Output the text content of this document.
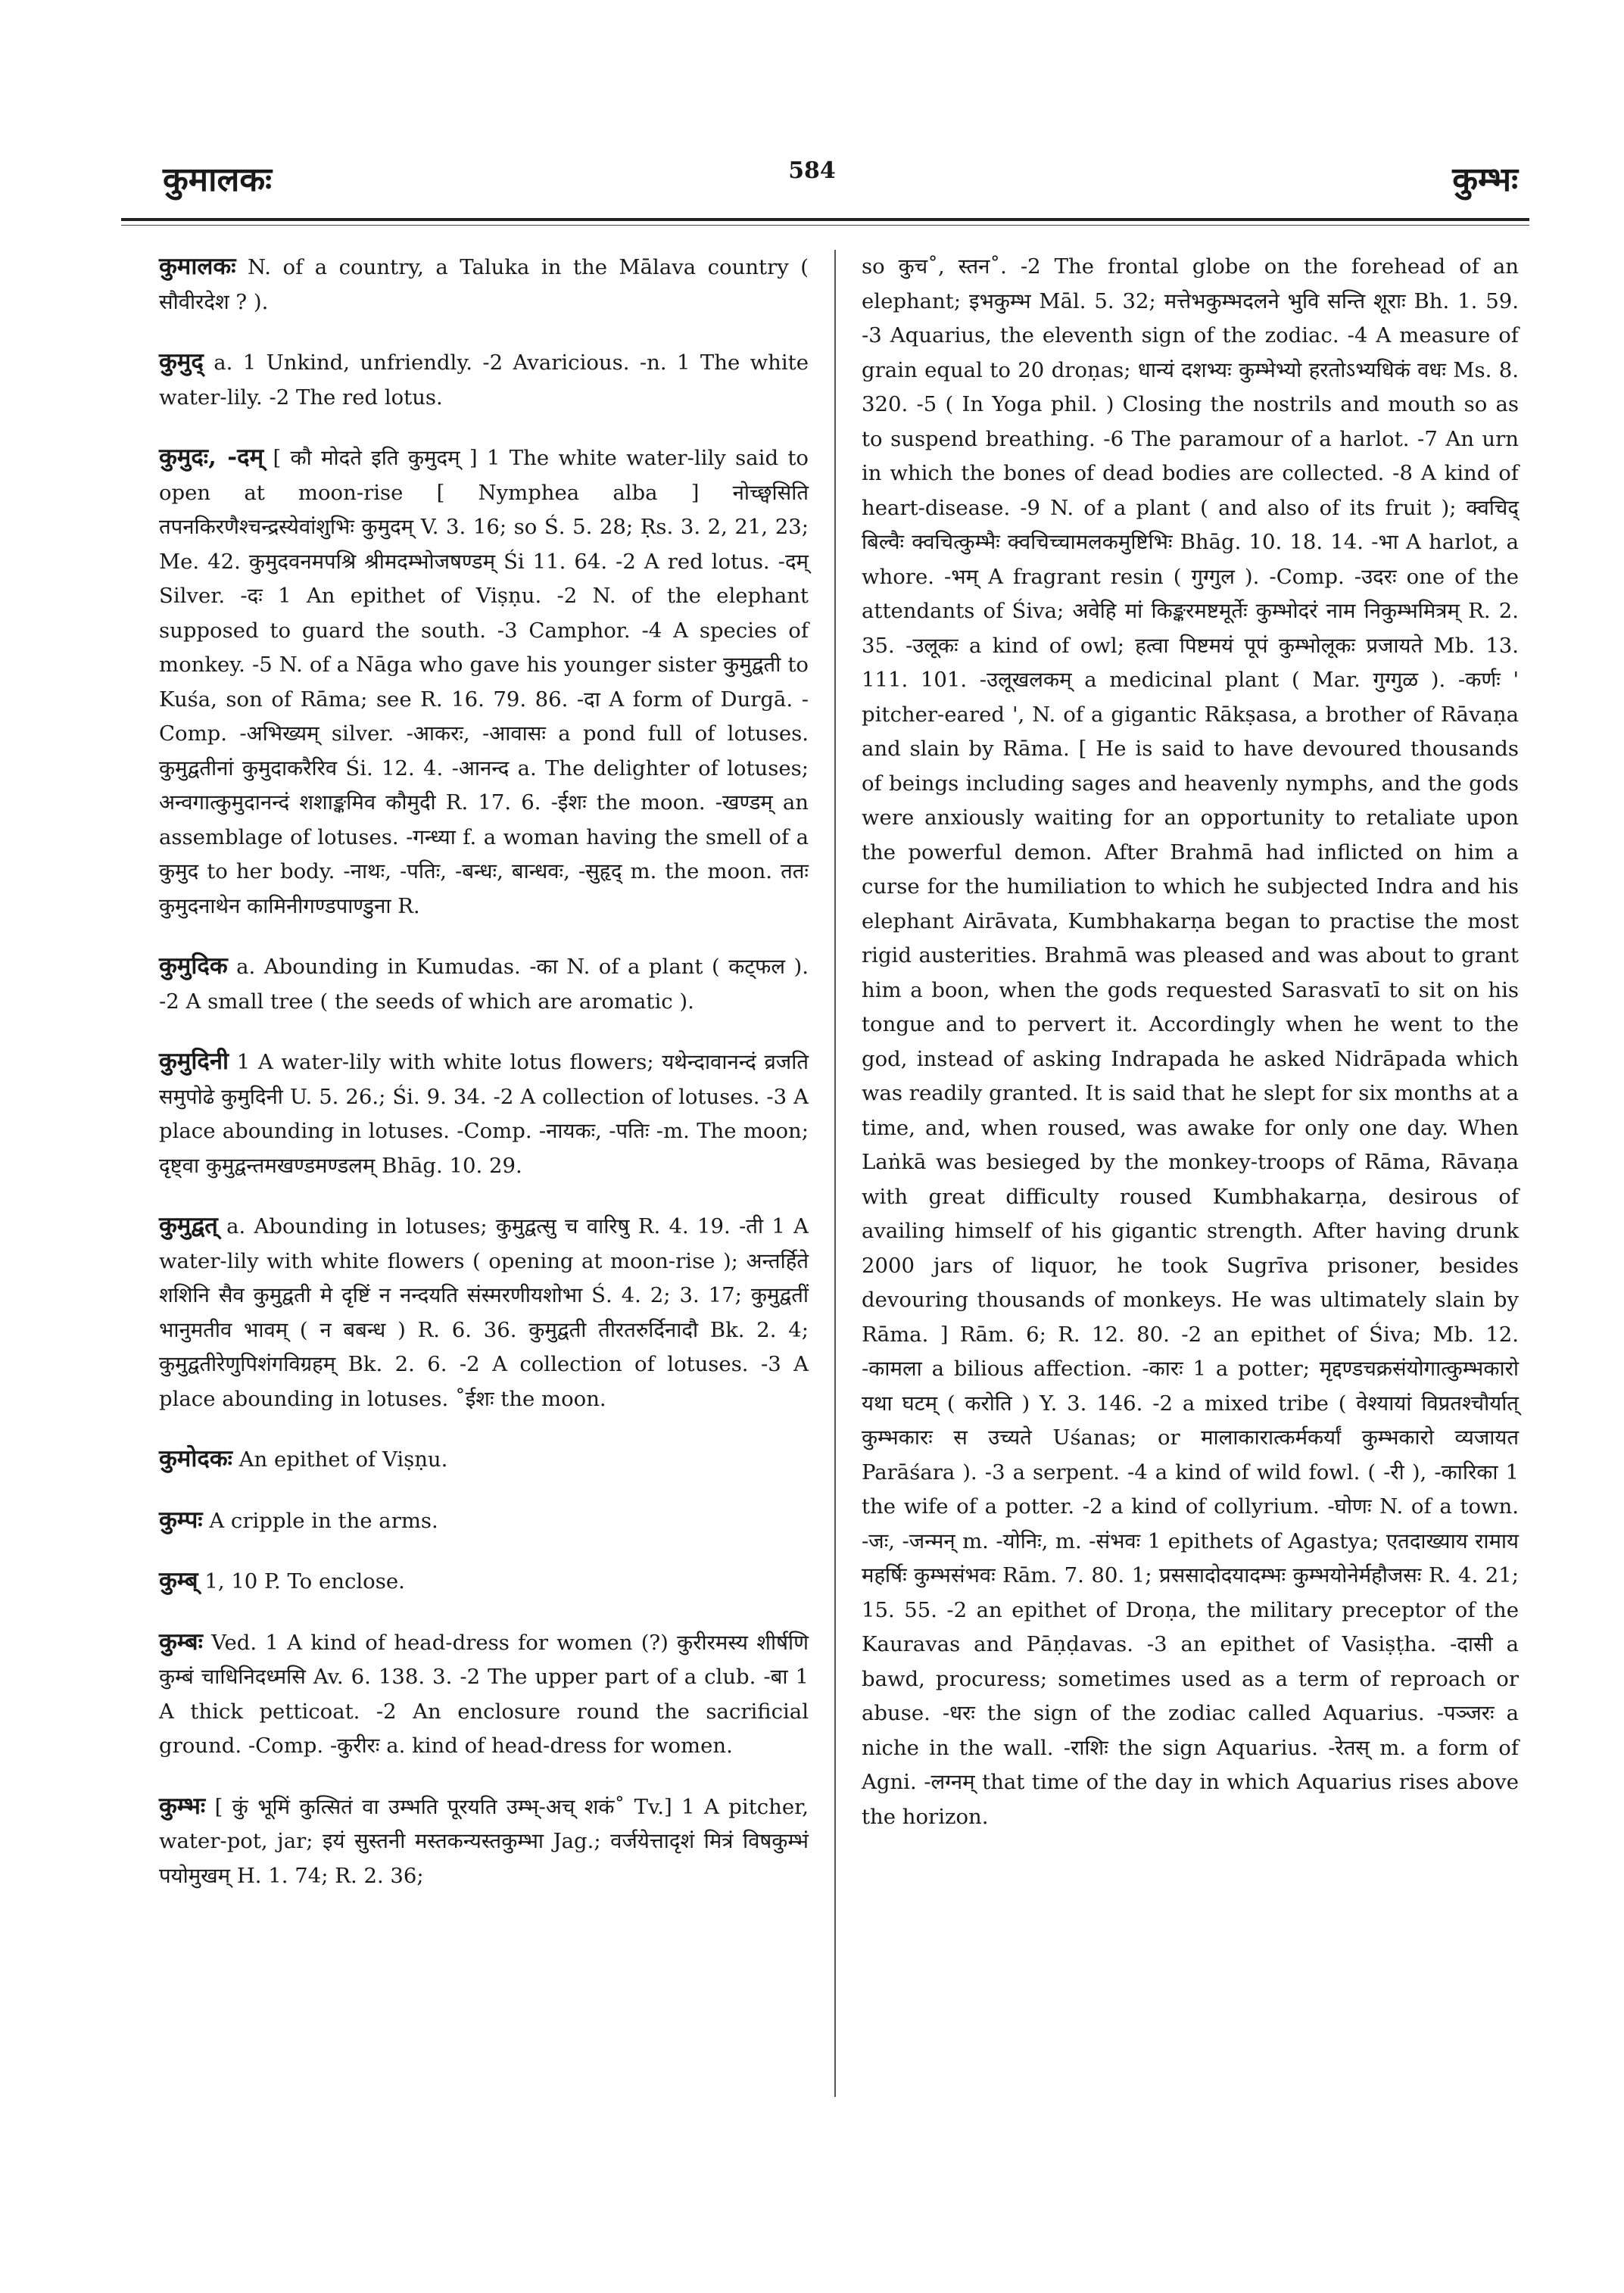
कुमालकः	584	कुम्भः

कुमालकः N. of a country, a Taluka in the Mālava country ( सौवीरदेश ? ).

कुमुद् a. 1 Unkind, unfriendly. -2 Avaricious. -n. 1 The white water-lily. -2 The red lotus.

कुमुदः, -दम् [ कौ मोदते इति कुमुदम् ] 1 The white water-lily said to open at moon-rise [ Nymphea alba ] नोच्छ्वसिति तपनकिरणैश्चन्द्रस्येवांशुभिः कुमुदम् V. 3. 16; so Ś. 5. 28; Ṛs. 3. 2, 21, 23; Me. 42. कुमुदवनमपश्रि श्रीमदम्भोजषण्डम् Śi 11. 64. -2 A red lotus. -दम् Silver. -दः 1 An epithet of Viṣṇu. -2 N. of the elephant supposed to guard the south. -3 Camphor. -4 A species of monkey. -5 N. of a Nāga who gave his younger sister कुमुद्वती to Kuśa, son of Rāma; see R. 16. 79. 86. -दा A form of Durgā. -Comp. -अभिख्यम् silver. -आकरः, -आवासः a pond full of lotuses. कुमुद्वतीनां कुमुदाकरैरिव Śi. 12. 4. -आनन्द a. The delighter of lotuses; अन्वगात्कुमुदानन्दं शशाङ्कमिव कौमुदी R. 17. 6. -ईशः the moon. -खण्डम् an assemblage of lotuses. -गन्ध्या f. a woman having the smell of a कुमुद to her body. -नाथः, -पतिः, -बन्धः, बान्धवः, -सुहृद् m. the moon. ततः कुमुदनाथेन कामिनीगण्डपाण्डुना R.

कुमुदिक a. Abounding in Kumudas. -का N. of a plant ( कट्फल ). -2 A small tree ( the seeds of which are aromatic ).

कुमुदिनी 1 A water-lily with white lotus flowers; यथेन्दावानन्दं व्रजति समुपोढे कुमुदिनी U. 5. 26.; Śi. 9. 34. -2 A collection of lotuses. -3 A place abounding in lotuses. -Comp. -नायकः, -पतिः -m. The moon; दृष्ट्वा कुमुद्वन्तमखण्डमण्डलम् Bhāg. 10. 29.

कुमुद्वत् a. Abounding in lotuses; कुमुद्वत्सु च वारिषु R. 4. 19. -ती 1 A water-lily with white flowers ( opening at moon-rise ); अन्तर्हिते शशिनि सैव कुमुद्वती मे दृष्टिं न नन्दयति संस्मरणीयशोभा Ś. 4. 2; 3. 17; कुमुद्वतीं भानुमतीव भावम् ( न बबन्ध ) R. 6. 36. कुमुद्वती तीरतरुर्दिनादौ Bk. 2. 4; कुमुद्वतीरेणुपिशंगविग्रहम् Bk. 2. 6. -2 A collection of lotuses. -3 A place abounding in lotuses. ˚ईशः the moon.

कुमोदकः An epithet of Viṣṇu.

कुम्पः A cripple in the arms.

कुम्ब् 1, 10 P. To enclose.

कुम्बः Ved. 1 A kind of head-dress for women (?) कुरीरमस्य शीर्षणि कुम्बं चाधिनिदध्मसि Av. 6. 138. 3. -2 The upper part of a club. -बा 1 A thick petticoat. -2 An enclosure round the sacrificial ground. -Comp. -कुरीरः a. kind of head-dress for women.

कुम्भः [ कुं भूमिं कुत्सितं वा उम्भति पूरयति उम्भ्-अच् शकं˚ Tv.] 1 A pitcher, water-pot, jar; इयं सुस्तनी मस्तकन्यस्तकुम्भा Jag.; वर्जयेत्तादृशं मित्रं विषकुम्भं पयोमुखम् H. 1. 74; R. 2. 36;

so कुच˚, स्तन˚. -2 The frontal globe on the forehead of an elephant; इभकुम्भ Māl. 5. 32; मत्तेभकुम्भदलने भुवि सन्ति शूराः Bh. 1. 59. -3 Aquarius, the eleventh sign of the zodiac. -4 A measure of grain equal to 20 droṇas; धान्यं दशभ्यः कुम्भेभ्यो हरतोऽभ्यधिकं वधः Ms. 8. 320. -5 ( In Yoga phil. ) Closing the nostrils and mouth so as to suspend breathing. -6 The paramour of a harlot. -7 An urn in which the bones of dead bodies are collected. -8 A kind of heart-disease. -9 N. of a plant ( and also of its fruit ); क्वचिद् बिल्वैः क्वचित्कुम्भैः क्वचिच्चामलकमुष्टिभिः Bhāg. 10. 18. 14. -भा A harlot, a whore. -भम् A fragrant resin ( गुग्गुल ). -Comp. -उदरः one of the attendants of Śiva; अवेहि मां किङ्करमष्टमूर्तेः कुम्भोदरं नाम निकुम्भमित्रम् R. 2. 35. -उलूकः a kind of owl; हत्वा पिष्टमयं पूपं कुम्भोलूकः प्रजायते Mb. 13. 111. 101. -उलूखलकम् a medicinal plant ( Mar. गुग्गुळ ). -कर्णः ' pitcher-eared ', N. of a gigantic Rākṣasa, a brother of Rāvaṇa and slain by Rāma. [ He is said to have devoured thousands of beings including sages and heavenly nymphs, and the gods were anxiously waiting for an opportunity to retaliate upon the powerful demon. After Brahmā had inflicted on him a curse for the humiliation to which he subjected Indra and his elephant Airāvata, Kumbhakarṇa began to practise the most rigid austerities. Brahmā was pleased and was about to grant him a boon, when the gods requested Sarasvatī to sit on his tongue and to pervert it. Accordingly when he went to the god, instead of asking Indrapada he asked Nidrāpada which was readily granted. It is said that he slept for six months at a time, and, when roused, was awake for only one day. When Laṅkā was besieged by the monkey-troops of Rāma, Rāvaṇa with great difficulty roused Kumbhakarṇa, desirous of availing himself of his gigantic strength. After having drunk 2000 jars of liquor, he took Sugrīva prisoner, besides devouring thousands of monkeys. He was ultimately slain by Rāma. ] Rām. 6; R. 12. 80. -2 an epithet of Śiva; Mb. 12. -कामला a bilious affection. -कारः 1 a potter; मृद्दण्डचक्रसंयोगात्कुम्भकारो यथा घटम् ( करोति ) Y. 3. 146. -2 a mixed tribe ( वेश्यायां विप्रतश्चौर्यात् कुम्भकारः स उच्यते Uśanas; or मालाकारात्कर्मकर्यां कुम्भकारो व्यजायत Parāśara ). -3 a serpent. -4 a kind of wild fowl. ( -री ), -कारिका 1 the wife of a potter. -2 a kind of collyrium. -घोणः N. of a town. -जः, -जन्मन् m. -योनिः, m. -संभवः 1 epithets of Agastya; एतदाख्याय रामाय महर्षिः कुम्भसंभवः Rām. 7. 80. 1; प्रससादोदयादम्भः कुम्भयोनेर्महौजसः R. 4. 21; 15. 55. -2 an epithet of Droṇa, the military preceptor of the Kauravas and Pāṇḍavas. -3 an epithet of Vasiṣṭha. -दासी a bawd, procuress; sometimes used as a term of reproach or abuse. -धरः the sign of the zodiac called Aquarius. -पञ्जरः a niche in the wall. -राशिः the sign Aquarius. -रेतस् m. a form of Agni. -लग्नम् that time of the day in which Aquarius rises above the horizon.
